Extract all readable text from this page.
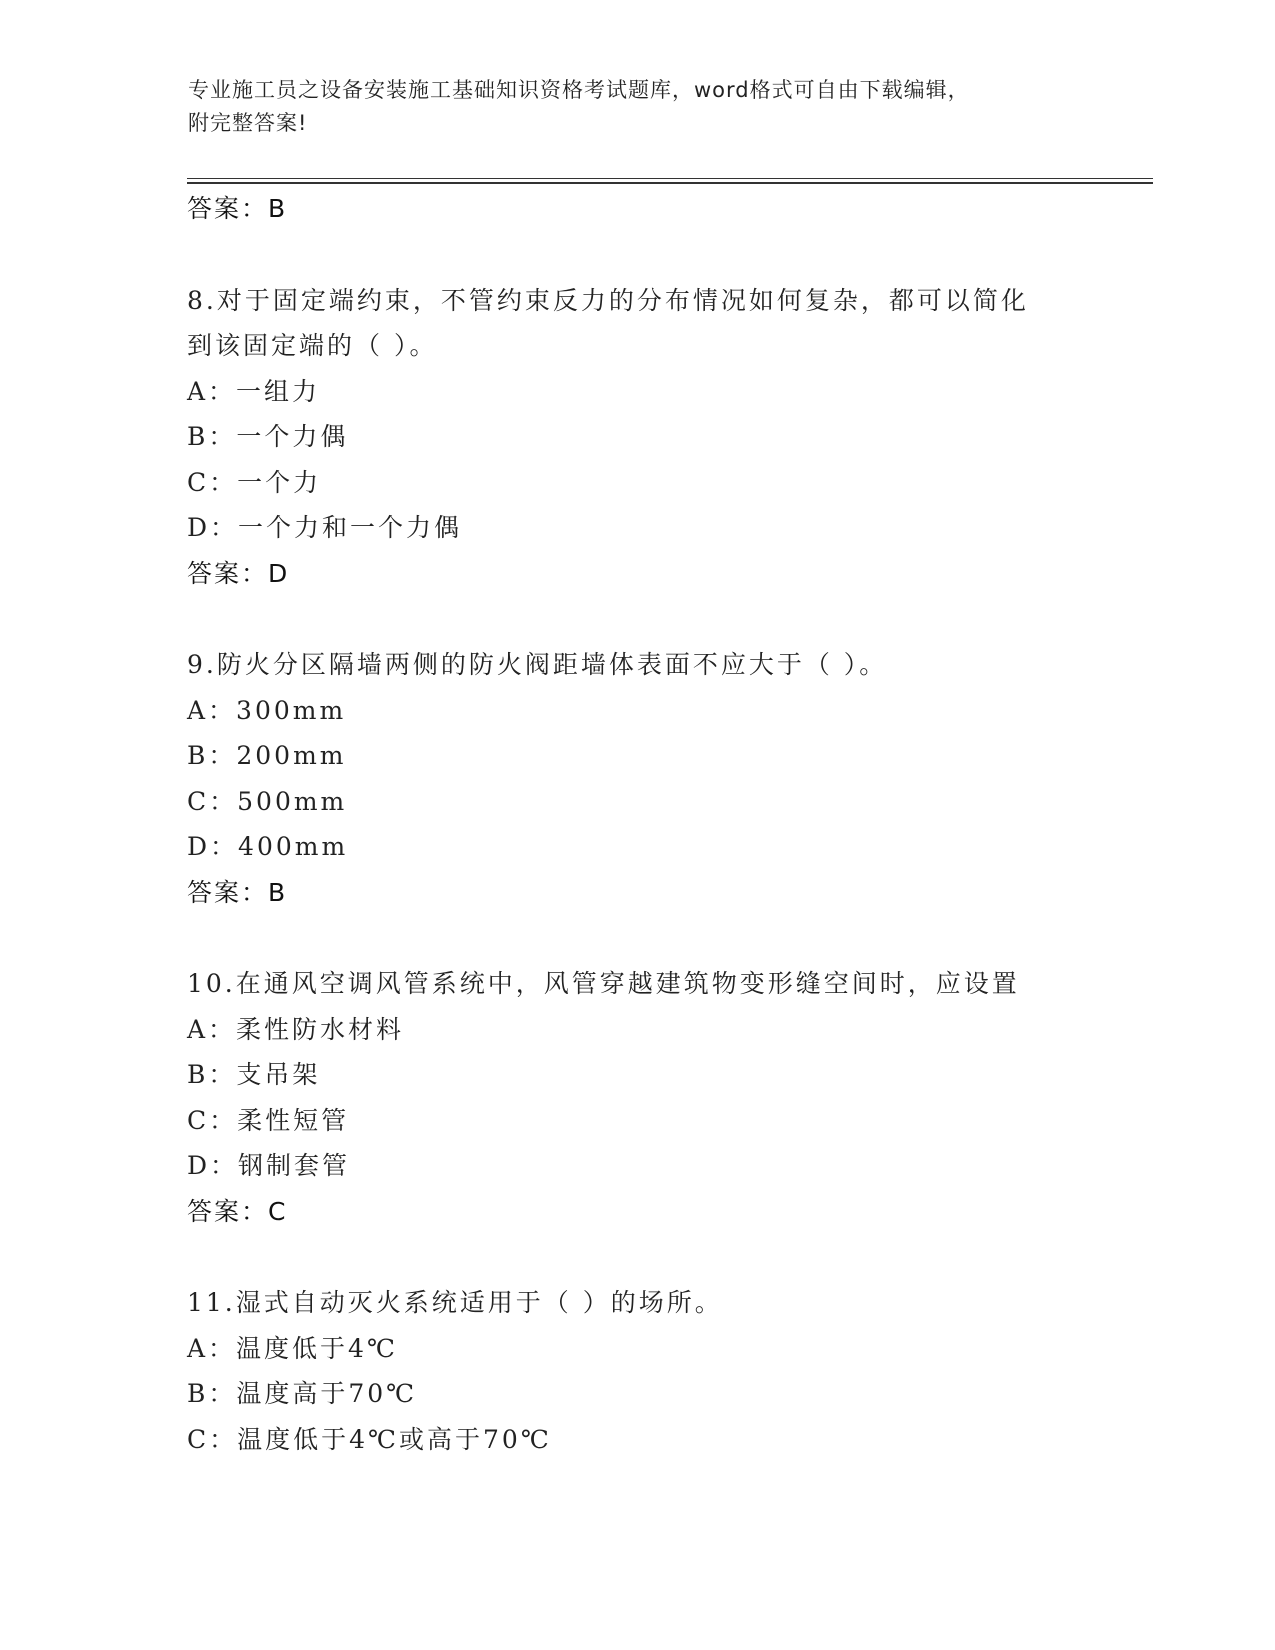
专业施工员之设备安装施工基础知识资格考试题库，word格式可自由下载编辑，
附完整答案!
答案：B
8.对于固定端约束，不管约束反力的分布情况如何复杂，都可以简化
到该固定端的（ ）。
A：一组力
B：一个力偶
C：一个力
D：一个力和一个力偶
答案：D
9.防火分区隔墙两侧的防火阀距墙体表面不应大于（ ）。
A：300mm
B：200mm
C：500mm
D：400mm
答案：B
10.在通风空调风管系统中，风管穿越建筑物变形缝空间时，应设置
A：柔性防水材料
B：支吊架
C：柔性短管
D：钢制套管
答案：C
11.湿式自动灭火系统适用于（ ）的场所。
A：温度低于4℃
B：温度高于70℃
C：温度低于4℃或高于70℃
